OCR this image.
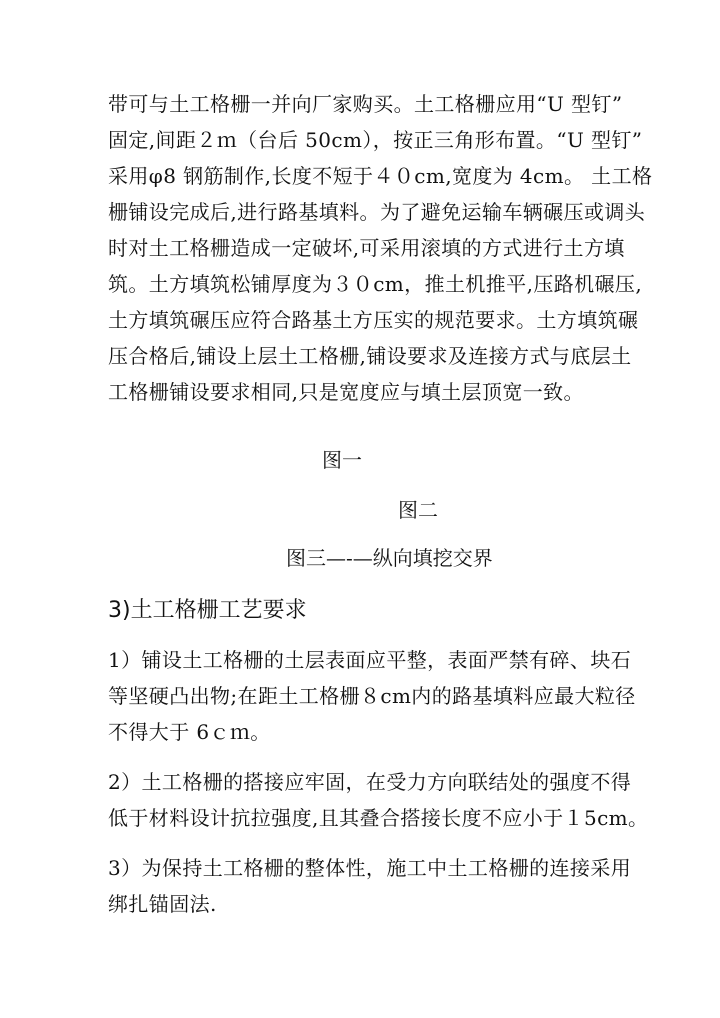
带可与土工格栅一并向厂家购买。土工格栅应用“U 型钉”
固定,间距２ｍ（台后 50cm），按正三角形布置。“U 型钉”
采用φ8 钢筋制作,长度不短于４０cm,宽度为 4cm。 土工格
栅铺设完成后,进行路基填料。为了避免运输车辆碾压或调头
时对土工格栅造成一定破坏,可采用滚填的方式进行土方填
筑。土方填筑松铺厚度为３０cm，推土机推平,压路机碾压,
土方填筑碾压应符合路基土方压实的规范要求。土方填筑碾
压合格后,铺设上层土工格栅,铺设要求及连接方式与底层土
工格栅铺设要求相同,只是宽度应与填土层顶宽一致。
图一
图二
图三—-—纵向填挖交界
3)土工格栅工艺要求
1）铺设土工格栅的土层表面应平整，表面严禁有碎、块石
等坚硬凸出物;在距土工格栅８cm内的路基填料应最大粒径
不得大于 6ｃｍ。
2）土工格栅的搭接应牢固，在受力方向联结处的强度不得
低于材料设计抗拉强度,且其叠合搭接长度不应小于１5cm。
3）为保持土工格栅的整体性，施工中土工格栅的连接采用
绑扎锚固法.
